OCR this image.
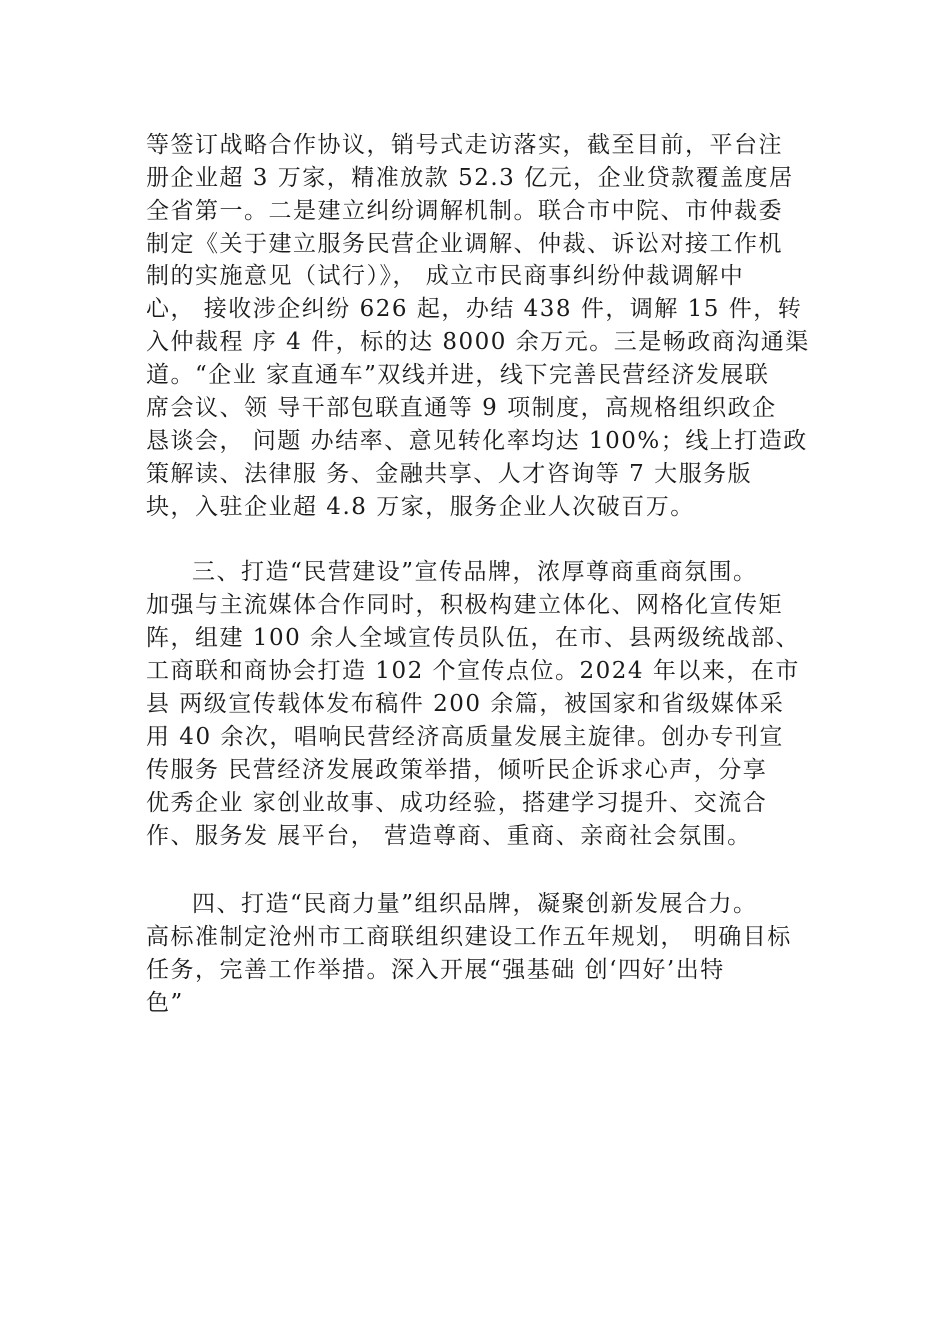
等签订战略合作协议，销号式走访落实，截至目前，平台注
册企业超 3 万家，精准放款 52.3 亿元，企业贷款覆盖度居
全省第一。二是建立纠纷调解机制。联合市中院、市仲裁委
制定《关于建立服务民营企业调解、仲裁、诉讼对接工作机
制的实施意见（试行）》， 成立市民商事纠纷仲裁调解中
心， 接收涉企纠纷 626 起，办结 438 件，调解 15 件，转
入仲裁程 序 4 件，标的达 8000 余万元。三是畅政商沟通渠
道。“企业 家直通车”双线并进，线下完善民营经济发展联
席会议、领 导干部包联直通等 9 项制度，高规格组织政企
恳谈会， 问题 办结率、意见转化率均达 100%；线上打造政
策解读、法律服 务、金融共享、人才咨询等 7 大服务版
块，入驻企业超 4.8 万家，服务企业人次破百万。
三、打造“民营建设”宣传品牌，浓厚尊商重商氛围。
加强与主流媒体合作同时，积极构建立体化、网格化宣传矩
阵，组建 100 余人全域宣传员队伍，在市、县两级统战部、
工商联和商协会打造 102 个宣传点位。2024 年以来，在市
县 两级宣传载体发布稿件 200 余篇，被国家和省级媒体采
用 40 余次，唱响民营经济高质量发展主旋律。创办专刊宣
传服务 民营经济发展政策举措，倾听民企诉求心声，分享
优秀企业 家创业故事、成功经验，搭建学习提升、交流合
作、服务发 展平台， 营造尊商、重商、亲商社会氛围。
四、打造“民商力量”组织品牌，凝聚创新发展合力。
高标准制定沧州市工商联组织建设工作五年规划， 明确目标
任务，完善工作举措。深入开展“强基础 创‘四好’出特
色”
